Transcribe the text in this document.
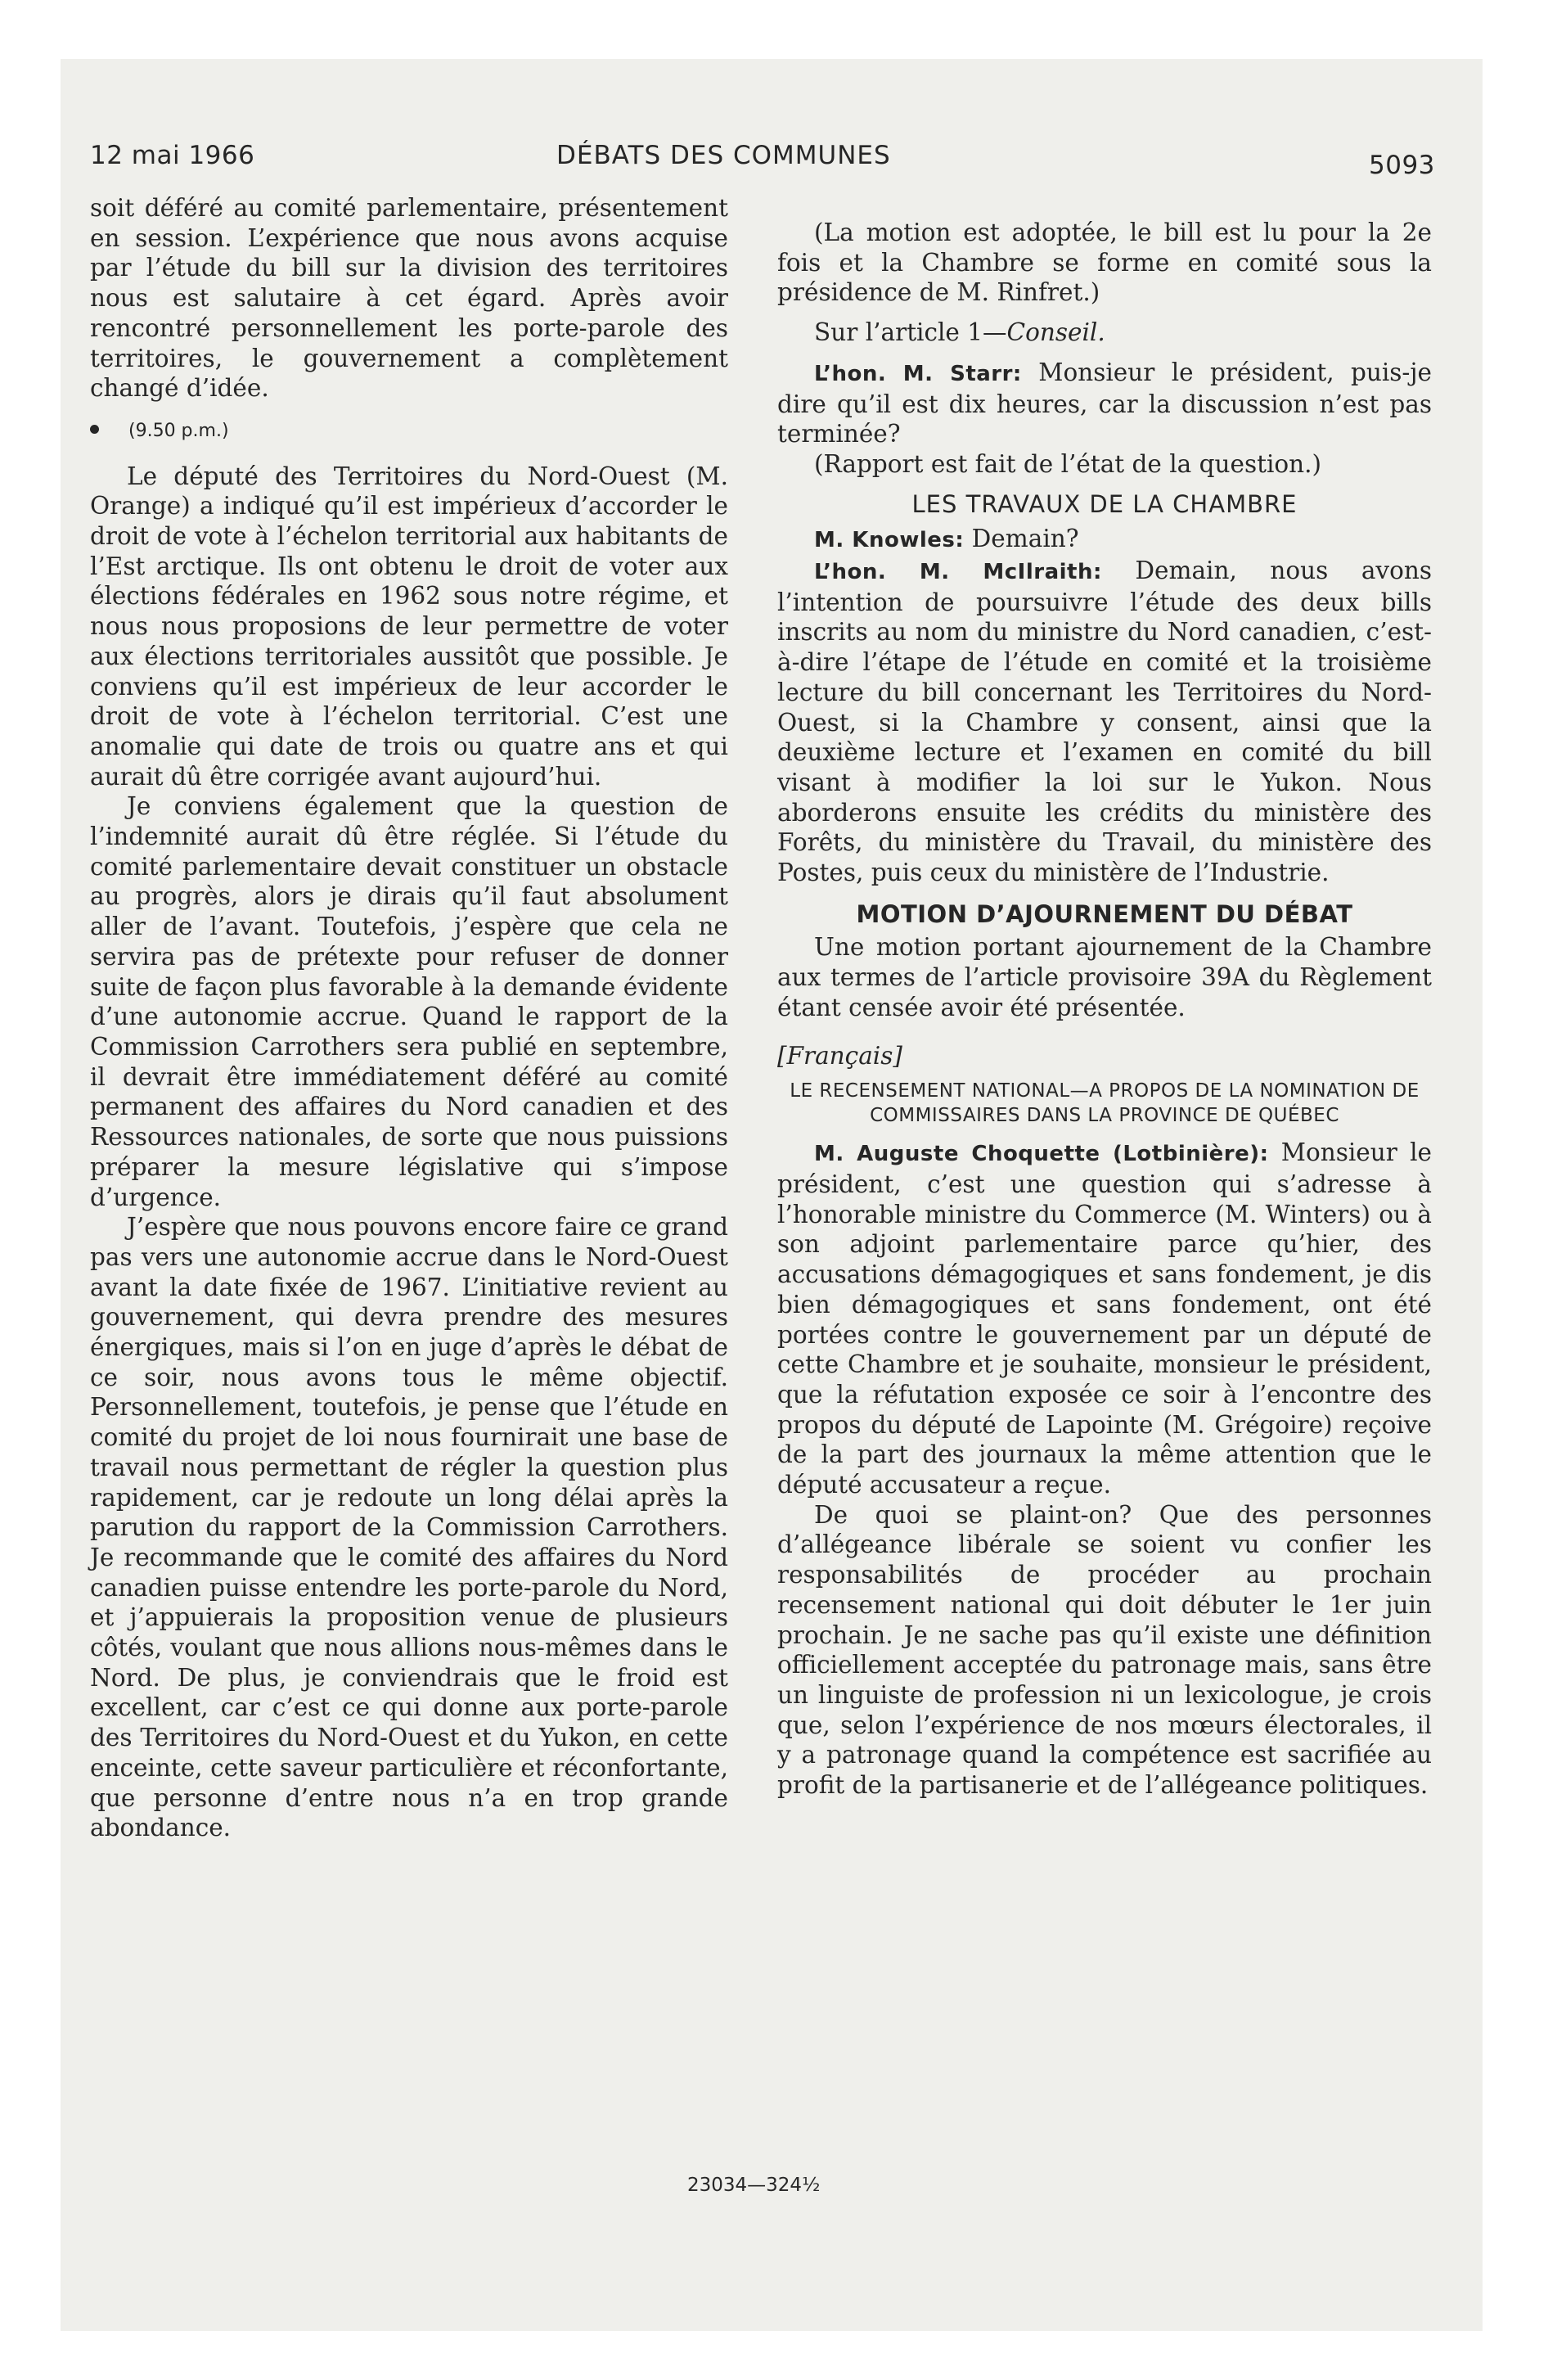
12 mai 1966	DÉBATS DES COMMUNES	5093

soit déféré au comité parlementaire, présentement en session. L’expérience que nous avons acquise par l’étude du bill sur la division des territoires nous est salutaire à cet égard. Après avoir rencontré personnellement les porte-parole des territoires, le gouvernement a complètement changé d’idée.

(9.50 p.m.)

Le député des Territoires du Nord-Ouest (M. Orange) a indiqué qu’il est impérieux d’accorder le droit de vote à l’échelon territorial aux habitants de l’Est arctique. Ils ont obtenu le droit de voter aux élections fédérales en 1962 sous notre régime, et nous nous proposions de leur permettre de voter aux élections territoriales aussitôt que possible. Je conviens qu’il est impérieux de leur accorder le droit de vote à l’échelon territorial. C’est une anomalie qui date de trois ou quatre ans et qui aurait dû être corrigée avant aujourd’hui.

Je conviens également que la question de l’indemnité aurait dû être réglée. Si l’étude du comité parlementaire devait constituer un obstacle au progrès, alors je dirais qu’il faut absolument aller de l’avant. Toutefois, j’espère que cela ne servira pas de prétexte pour refuser de donner suite de façon plus favorable à la demande évidente d’une autonomie accrue. Quand le rapport de la Commission Carrothers sera publié en septembre, il devrait être immédiatement déféré au comité permanent des affaires du Nord canadien et des Ressources nationales, de sorte que nous puissions préparer la mesure législative qui s’impose d’urgence.

J’espère que nous pouvons encore faire ce grand pas vers une autonomie accrue dans le Nord-Ouest avant la date fixée de 1967. L’initiative revient au gouvernement, qui devra prendre des mesures énergiques, mais si l’on en juge d’après le débat de ce soir, nous avons tous le même objectif. Personnellement, toutefois, je pense que l’étude en comité du projet de loi nous fournirait une base de travail nous permettant de régler la question plus rapidement, car je redoute un long délai après la parution du rapport de la Commission Carrothers. Je recommande que le comité des affaires du Nord canadien puisse entendre les porte-parole du Nord, et j’appuierais la proposition venue de plusieurs côtés, voulant que nous allions nous-mêmes dans le Nord. De plus, je conviendrais que le froid est excellent, car c’est ce qui donne aux porte-parole des Territoires du Nord-Ouest et du Yukon, en cette enceinte, cette saveur particulière et réconfortante, que personne d’entre nous n’a en trop grande abondance.

(La motion est adoptée, le bill est lu pour la 2e fois et la Chambre se forme en comité sous la présidence de M. Rinfret.)

Sur l’article 1—Conseil.

L’hon. M. Starr: Monsieur le président, puis-je dire qu’il est dix heures, car la discussion n’est pas terminée?

(Rapport est fait de l’état de la question.)

LES TRAVAUX DE LA CHAMBRE

M. Knowles: Demain?

L’hon. M. McIlraith: Demain, nous avons l’intention de poursuivre l’étude des deux bills inscrits au nom du ministre du Nord canadien, c’est-à-dire l’étape de l’étude en comité et la troisième lecture du bill concernant les Territoires du Nord-Ouest, si la Chambre y consent, ainsi que la deuxième lecture et l’examen en comité du bill visant à modifier la loi sur le Yukon. Nous aborderons ensuite les crédits du ministère des Forêts, du ministère du Travail, du ministère des Postes, puis ceux du ministère de l’Industrie.

MOTION D’AJOURNEMENT DU DÉBAT

Une motion portant ajournement de la Chambre aux termes de l’article provisoire 39A du Règlement étant censée avoir été présentée.

[Français]

LE RECENSEMENT NATIONAL—A PROPOS DE LA NOMINATION DE COMMISSAIRES DANS LA PROVINCE DE QUÉBEC

M. Auguste Choquette (Lotbinière): Monsieur le président, c’est une question qui s’adresse à l’honorable ministre du Commerce (M. Winters) ou à son adjoint parlementaire parce qu’hier, des accusations démagogiques et sans fondement, je dis bien démagogiques et sans fondement, ont été portées contre le gouvernement par un député de cette Chambre et je souhaite, monsieur le président, que la réfutation exposée ce soir à l’encontre des propos du député de Lapointe (M. Grégoire) reçoive de la part des journaux la même attention que le député accusateur a reçue.

De quoi se plaint-on? Que des personnes d’allégeance libérale se soient vu confier les responsabilités de procéder au prochain recensement national qui doit débuter le 1er juin prochain. Je ne sache pas qu’il existe une définition officiellement acceptée du patronage mais, sans être un linguiste de profession ni un lexicologue, je crois que, selon l’expérience de nos mœurs électorales, il y a patronage quand la compétence est sacrifiée au profit de la partisanerie et de l’allégeance politiques.

23034—324½
